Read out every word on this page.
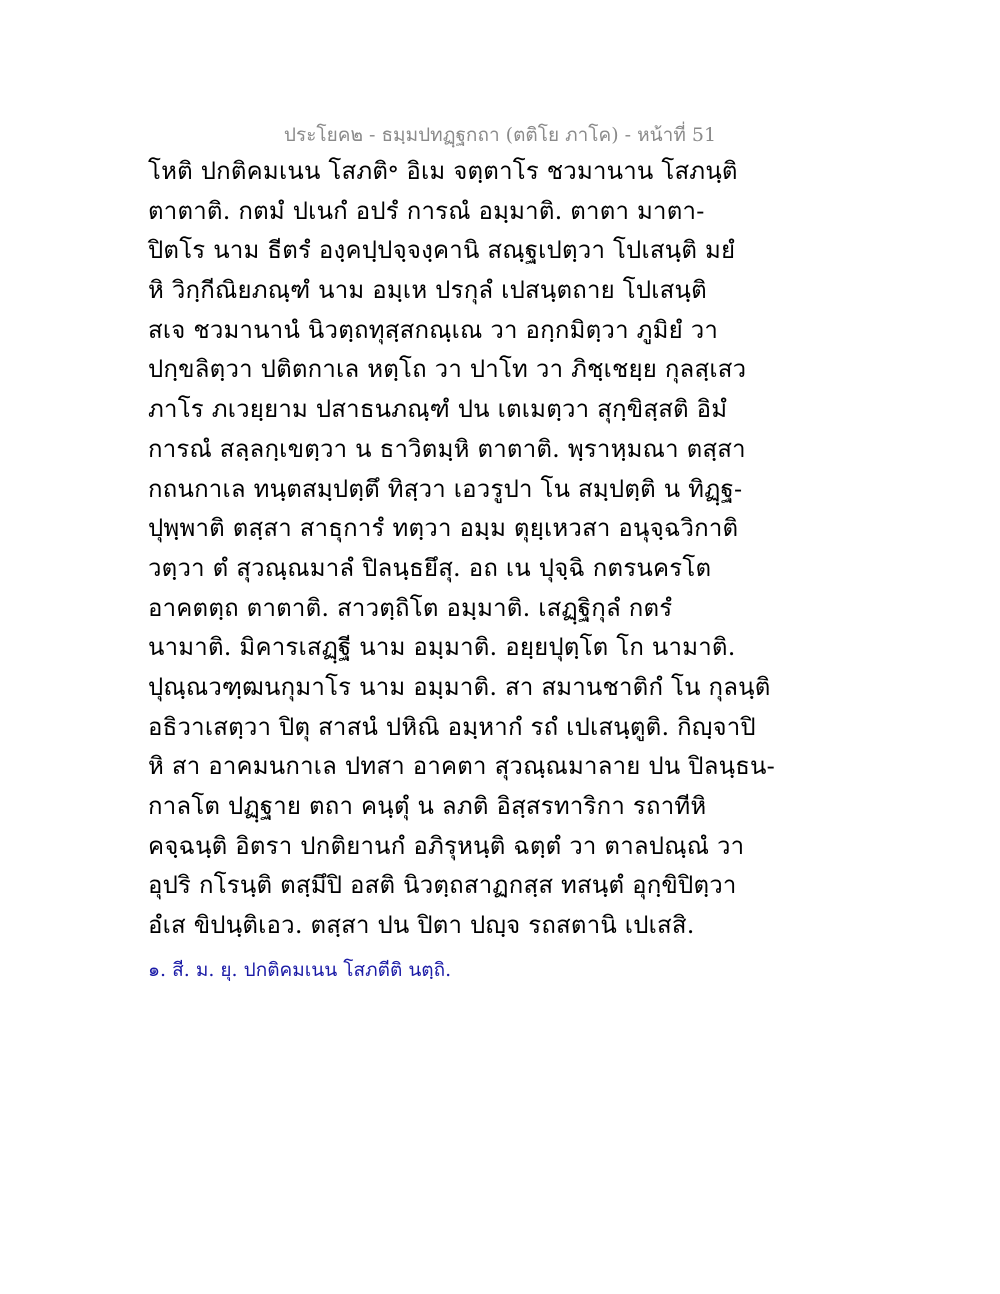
ประโยค๒ - ธมฺมปทฏฺฐกถา (ตติโย ภาโค) - หน้าที่ 51
โหติ ปกติคมเนน โสภติ॰ อิเม จตฺตาโร ชวมานาน โสภนฺติ
ตาตาติ. กตมํ ปเนกํ อปรํ การณํ อมฺมาติ. ตาตา มาตา-
ปิตโร นาม ธีตรํ องฺคปฺปจฺจงฺคานิ สณฺฐเปตฺวา โปเสนฺติ มยํ
หิ วิกฺกีณิยภณฺฑํ นาม อมฺเห ปรกุลํ เปสนฺตถาย โปเสนฺติ
สเจ ชวมานานํ นิวตฺถทุสฺสกณฺเณ วา อกฺกมิตฺวา ภูมิยํ วา
ปกฺขลิตฺวา ปติตกาเล หตฺโถ วา ปาโท วา ภิชฺเชยฺย กุลสฺเสว
ภาโร ภเวยฺยาม ปสาธนภณฺฑํ ปน เตเมตฺวา สุกฺขิสฺสติ อิมํ
การณํ สลฺลกฺเขตฺวา น ธาวิตมฺหิ ตาตาติ. พฺราหฺมณา ตสฺสา
กถนกาเล ทนฺตสมฺปตฺตึ ทิสฺวา เอวรูปา โน สมฺปตฺติ น ทิฏฺฐ-
ปุพฺพาติ ตสฺสา สาธุการํ ทตฺวา อมฺม ตุยฺเหวสา อนุจฺฉวิกาติ
วตฺวา ตํ สุวณฺณมาลํ ปิลนฺธยึสุ. อถ เน ปุจฺฉิ กตรนครโต
อาคตตฺถ ตาตาติ. สาวตฺถิโต อมฺมาติ. เสฏฺฐิกุลํ กตรํ
นามาติ. มิคารเสฏฺฐี นาม อมฺมาติ. อยฺยปุตฺโต โก นามาติ.
ปุณฺณวฑฺฒนกุมาโร นาม อมฺมาติ. สา สมานชาติกํ โน กุลนฺติ
อธิวาเสตฺวา ปิตุ สาสนํ ปหิณิ อมฺหากํ รถํ เปเสนฺตูติ. กิญฺจาปิ
หิ สา อาคมนกาเล ปทสา อาคตา สุวณฺณมาลาย ปน ปิลนฺธน-
กาลโต ปฏฺฐาย ตถา คนฺตุํ น ลภติ อิสฺสรทาริกา รถาทีหิ
คจฺฉนฺติ อิตรา ปกติยานกํ อภิรุหนฺติ ฉตฺตํ วา ตาลปณฺณํ วา
อุปริ กโรนฺติ ตสฺมึปิ อสติ นิวตฺถสาฏกสฺส ทสนฺตํ อุกฺขิปิตฺวา
อํเส ขิปนฺติเอว. ตสฺสา ปน ปิตา ปญฺจ รถสตานิ เปเสสิ.
๑. สี. ม. ยุ. ปกติคมเนน โสภตีติ นตฺถิ.
